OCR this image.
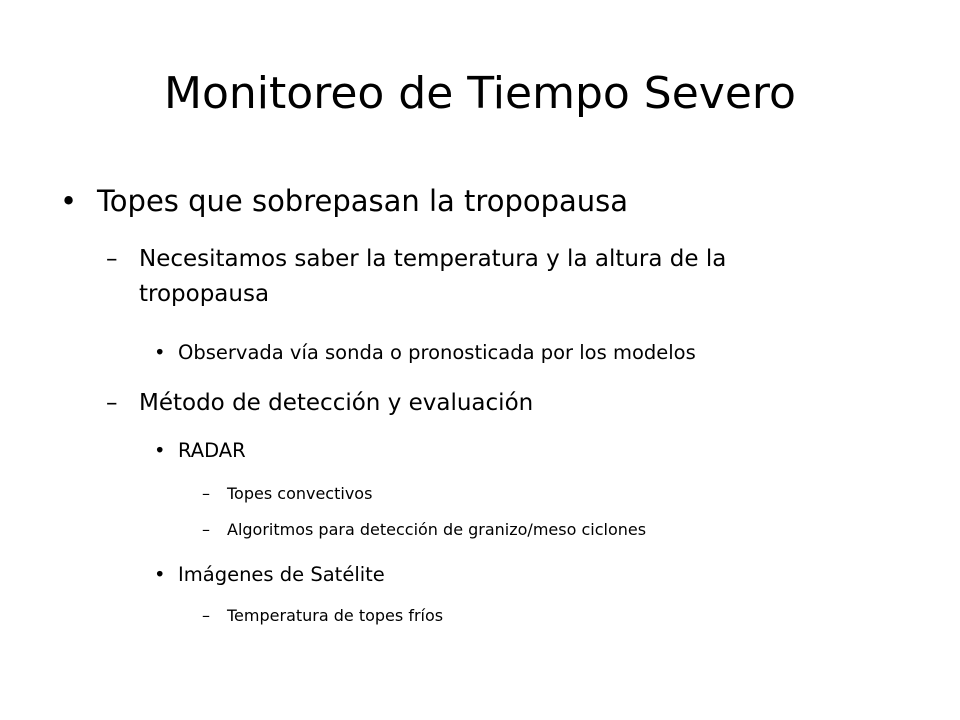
Monitoreo de Tiempo Severo
• Topes que sobrepasan la tropopausa
– Necesitamos saber la temperatura y la altura de la
tropopausa
• Observada vía sonda o pronosticada por los modelos
– Método de detección y evaluación
• RADAR
– Topes convectivos
– Algoritmos para detección de granizo/meso ciclones
• Imágenes de Satélite
– Temperatura de topes fríos
